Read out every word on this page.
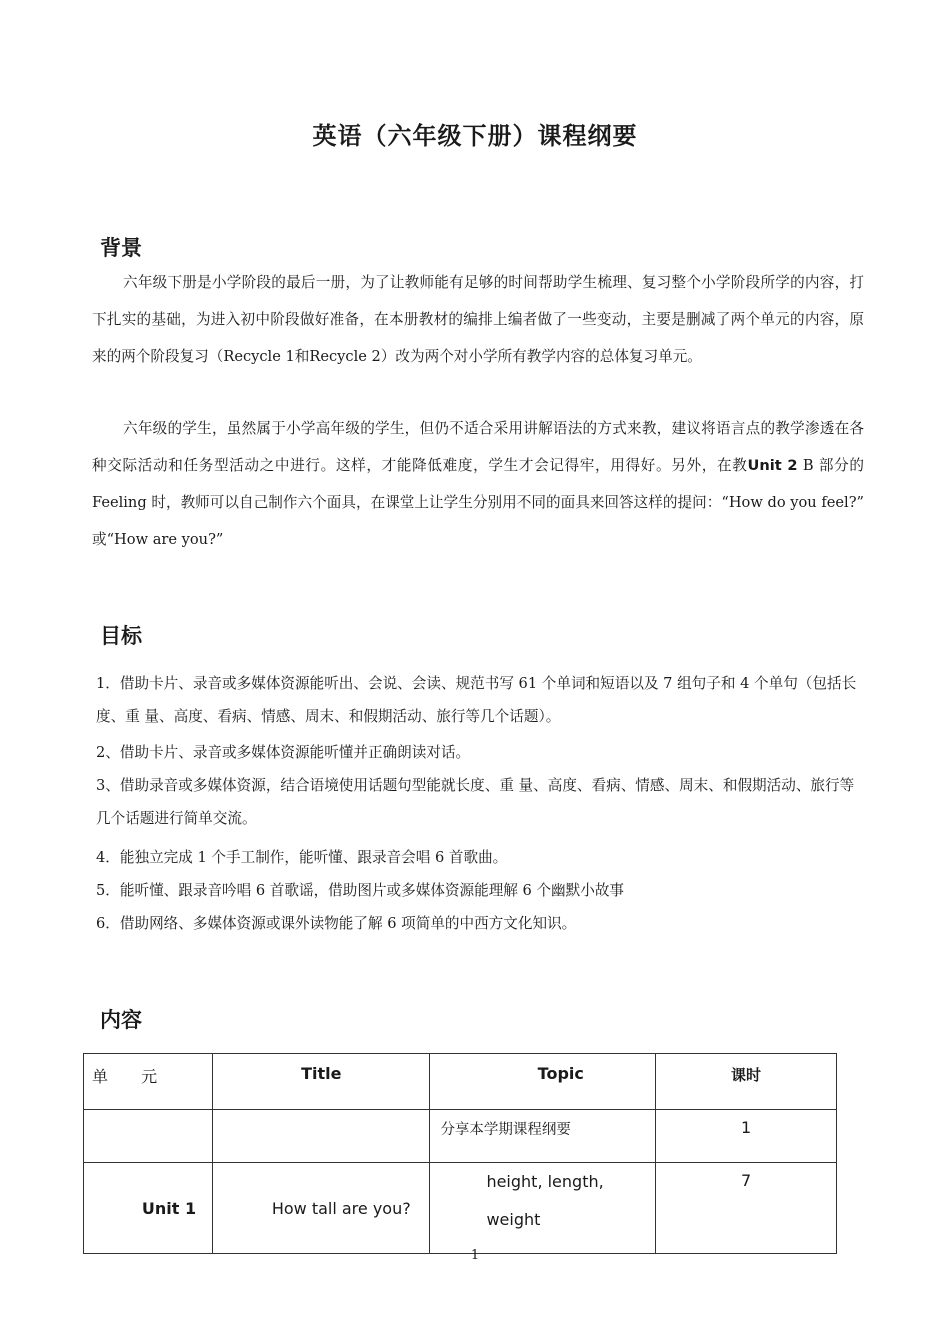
英语（六年级下册）课程纲要
背景

六年级下册是小学阶段的最后一册，为了让教师能有足够的时间帮助学生梳理、复习整个小学阶段所学的内容，打下扎实的基础，为进入初中阶段做好准备，在本册教材的编排上编者做了一些变动，主要是删减了两个单元的内容，原来的两个阶段复习（Recycle 1和Recycle 2）改为两个对小学所有教学内容的总体复习单元。

六年级的学生，虽然属于小学高年级的学生，但仍不适合采用讲解语法的方式来教，建议将语言点的教学渗透在各种交际活动和任务型活动之中进行。这样，才能降低难度，学生才会记得牢，用得好。另外，在教Unit 2 B 部分的Feeling 时，教师可以自己制作六个面具，在课堂上让学生分别用不同的面具来回答这样的提问：“How do you feel?” 或“How are you?”

目标

1．借助卡片、录音或多媒体资源能听出、会说、会读、规范书写 61 个单词和短语以及 7 组句子和 4 个单句（包括长度、重 量、高度、看病、情感、周末、和假期活动、旅行等几个话题）。

2、借助卡片、录音或多媒体资源能听懂并正确朗读对话。

3、借助录音或多媒体资源，结合语境使用话题句型能就长度、重 量、高度、看病、情感、周末、和假期活动、旅行等几个话题进行简单交流。

4．能独立完成 1 个手工制作，能听懂、跟录音会唱 6 首歌曲。

5．能听懂、跟录音吟唱 6 首歌谣，借助图片或多媒体资源能理解 6 个幽默小故事

6．借助网络、多媒体资源或课外读物能了解 6 项简单的中西方文化知识。

内容
单 元	Title	Topic	课时
		分享本学期课程纲要	1
Unit 1	How tall are you?	height, length, weight	7
1
